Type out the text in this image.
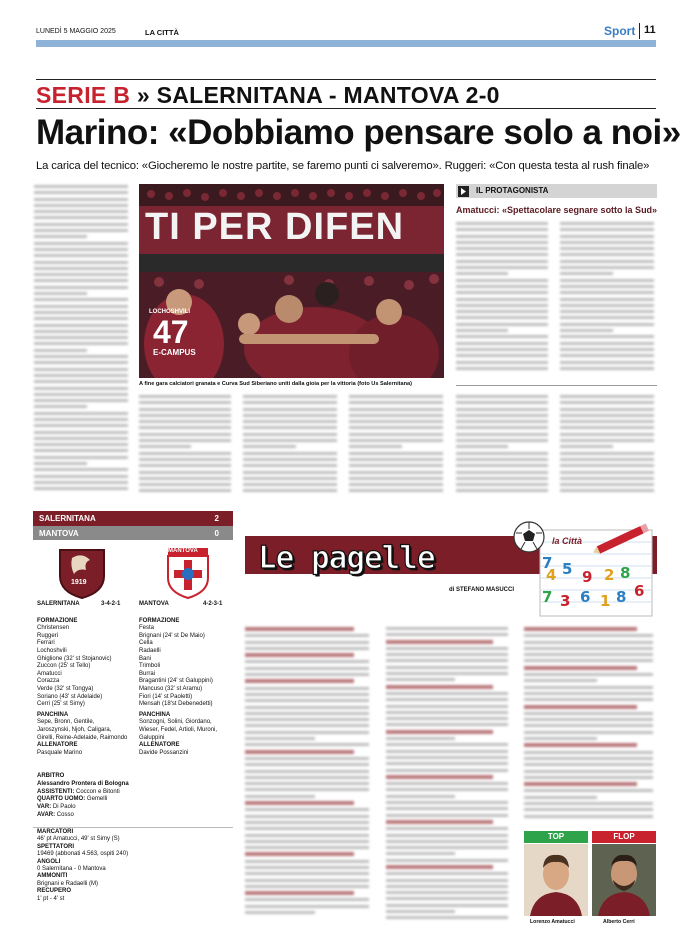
LUNEDÌ 5 MAGGIO 2025	LA CITTÀ	Sport 11
SERIE B » SALERNITANA - MANTOVA 2-0
Marino: «Dobbiamo pensare solo a noi»
La carica del tecnico: «Giocheremo le nostre partite, se faremo punti ci salveremo». Ruggeri: «Con questa testa al rush finale»
TI PER DIFEN
LOCHOSHVILI
47
E-CAMPUS
A fine gara calciatori granata e Curva Sud Siberiano uniti dalla gioia per la vittoria (foto Us Salernitana)
IL PROTAGONISTA
Amatucci: «Spettacolare segnare sotto la Sud»
SALERNITANA	2
MANTOVA	0
1919
MANTOVA
SALERNITANA	3-4-2-1
FORMAZIONE
Christensen
Ruggeri
Ferrari
Lochoshvili
Ghiglione (32' st Stojanovic)
Zuccon (25' st Tello)
Amatucci
Corazza
Verde (32' st Tongya)
Soriano (43' st Adelaide)
Cerri (25' st Simy)
PANCHINA
Sepe, Bronn, Gentile, Jaroszynski, Njoh, Caligara, Girelli, Reine-Adelaide, Raimondo
ALLENATORE
Pasquale Marino
MANTOVA	4-2-3-1
FORMAZIONE
Festa
Brignani (24' st De Maio)
Cella
Radaelli
Bani
Trimboli
Burrai
Bragantini (24' st Galuppini)
Mancuso (32' st Aramu)
Fiori (14' st Paoletti)
Mensah (18'st Debenedetti)
PANCHINA
Sonzogni, Solini, Giordano, Wieser, Fedel, Artioli, Muroni, Galuppini
ALLENATORE
Davide Possanzini
ARBITRO
Alessandro Prontera di Bologna
ASSISTENTI: Coccon e Bitonti
QUARTO UOMO: Gemelli
VAR: Di Paolo
AVAR: Cosso
MARCATORI
46' pt Amatucci, 49' st Simy (S)
SPETTATORI
19469 (abbonati 4.563, ospiti 240)
ANGOLI
0 Salernitana - 0 Mantova
AMMONITI
Brignani e Radaelli (M)
RECUPERO
1' pt - 4' st
Le pagelle
di STEFANO MASUCCI
4 5 9 2 8
7 3 6 1 8 6
7
la Città
TOP	FLOP
Lorenzo Amatucci	Alberto Cerri
